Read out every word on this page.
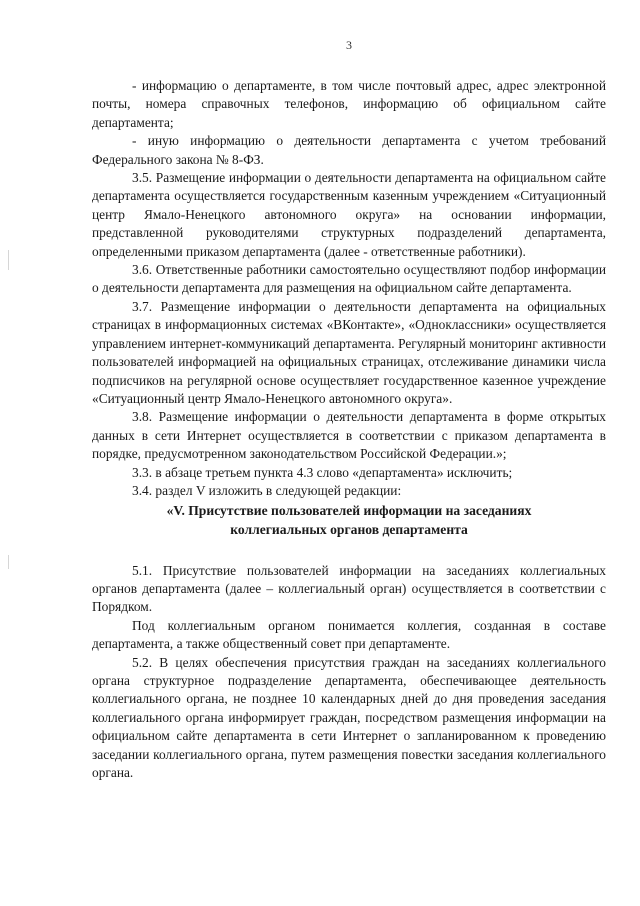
3

- информацию о департаменте, в том числе почтовый адрес, адрес электронной почты, номера справочных телефонов, информацию об официальном сайте департамента;

- иную информацию о деятельности департамента с учетом требований Федерального закона № 8-ФЗ.

3.5. Размещение информации о деятельности департамента на официальном сайте департамента осуществляется государственным казенным учреждением «Ситуационный центр Ямало-Ненецкого автономного округа» на основании информации, представленной руководителями структурных подразделений департамента, определенными приказом департамента (далее - ответственные работники).

3.6. Ответственные работники самостоятельно осуществляют подбор информации о деятельности департамента для размещения на официальном сайте департамента.

3.7. Размещение информации о деятельности департамента на официальных страницах в информационных системах «ВКонтакте», «Одноклассники» осуществляется управлением интернет-коммуникаций департамента. Регулярный мониторинг активности пользователей информацией на официальных страницах, отслеживание динамики числа подписчиков на регулярной основе осуществляет государственное казенное учреждение «Ситуационный центр Ямало-Ненецкого автономного округа».

3.8. Размещение информации о деятельности департамента в форме открытых данных в сети Интернет осуществляется в соответствии с приказом департамента в порядке, предусмотренном законодательством Российской Федерации.»;

3.3. в абзаце третьем пункта 4.3 слово «департамента» исключить;

3.4. раздел V изложить в следующей редакции:

«V. Присутствие пользователей информации на заседаниях
коллегиальных органов департамента

5.1. Присутствие пользователей информации на заседаниях коллегиальных органов департамента (далее – коллегиальный орган) осуществляется в соответствии с Порядком.

Под коллегиальным органом понимается коллегия, созданная в составе департамента, а также общественный совет при департаменте.

5.2. В целях обеспечения присутствия граждан на заседаниях коллегиального органа структурное подразделение департамента, обеспечивающее деятельность коллегиального органа, не позднее 10 календарных дней до дня проведения заседания коллегиального органа информирует граждан, посредством размещения информации на официальном сайте департамента в сети Интернет о запланированном к проведению заседании коллегиального органа, путем размещения повестки заседания коллегиального органа.
